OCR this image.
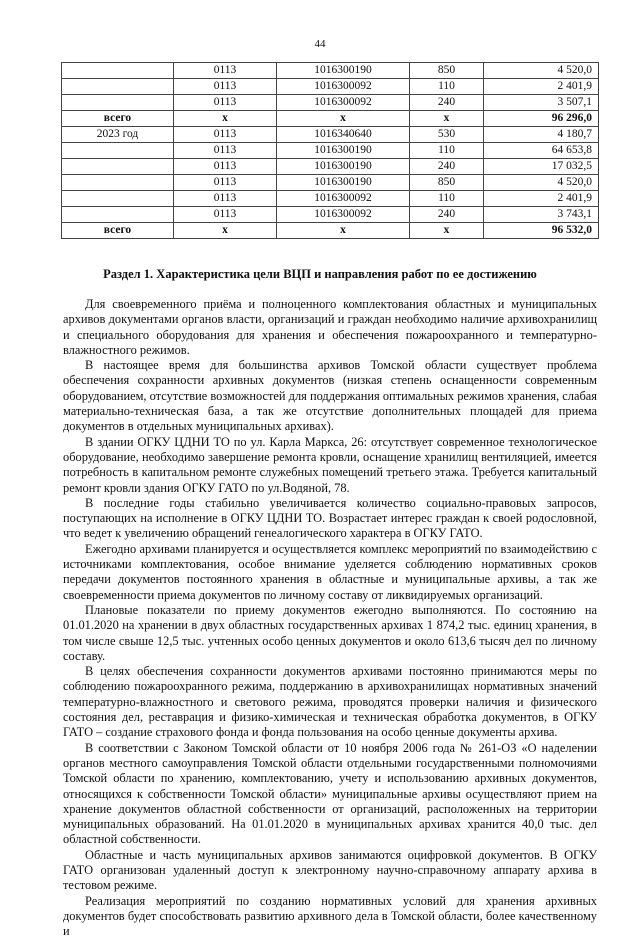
44
	0113	1016300190	850	4 520,0
	0113	1016300092	110	2 401,9
	0113	1016300092	240	3 507,1
всего	х	х	х	96 296,0
2023 год	0113	1016340640	530	4 180,7
	0113	1016300190	110	64 653,8
	0113	1016300190	240	17 032,5
	0113	1016300190	850	4 520,0
	0113	1016300092	110	2 401,9
	0113	1016300092	240	3 743,1
всего	х	х	х	96 532,0
Раздел 1. Характеристика цели ВЦП и направления работ по ее достижению

Для своевременного приёма и полноценного комплектования областных и муниципальных архивов документами органов власти, организаций и граждан необходимо наличие архивохранилищ и специального оборудования для хранения и обеспечения пожароохранного и температурно-влажностного режимов.

В настоящее время для большинства архивов Томской области существует проблема обеспечения сохранности архивных документов (низкая степень оснащенности современным оборудованием, отсутствие возможностей для поддержания оптимальных режимов хранения, слабая материально-техническая база, а так же отсутствие дополнительных площадей для приема документов в отдельных муниципальных архивах).

В здании ОГКУ ЦДНИ ТО по ул. Карла Маркса, 26: отсутствует современное технологическое оборудование, необходимо завершение ремонта кровли, оснащение хранилищ вентиляцией, имеется потребность в капитальном ремонте служебных помещений третьего этажа. Требуется капитальный ремонт кровли здания ОГКУ ГАТО по ул.Водяной, 78.

В последние годы стабильно увеличивается количество социально-правовых запросов, поступающих на исполнение в ОГКУ ЦДНИ ТО. Возрастает интерес граждан к своей родословной, что ведет к увеличению обращений генеалогического характера в ОГКУ ГАТО.

Ежегодно архивами планируется и осуществляется комплекс мероприятий по взаимодействию с источниками комплектования, особое внимание уделяется соблюдению нормативных сроков передачи документов постоянного хранения в областные и муниципальные архивы, а так же своевременности приема документов по личному составу от ликвидируемых организаций.

Плановые показатели по приему документов ежегодно выполняются. По состоянию на 01.01.2020 на хранении в двух областных государственных архивах 1 874,2 тыс. единиц хранения, в том числе свыше 12,5 тыс. учтенных особо ценных документов и около 613,6 тысяч дел по личному составу.

В целях обеспечения сохранности документов архивами постоянно принимаются меры по соблюдению пожароохранного режима, поддержанию в архивохранилищах нормативных значений температурно-влажностного и светового режима, проводятся проверки наличия и физического состояния дел, реставрация и физико-химическая и техническая обработка документов, в ОГКУ ГАТО – создание страхового фонда и фонда пользования на особо ценные документы архива.

В соответствии с Законом Томской области от 10 ноября 2006 года № 261-ОЗ «О наделении органов местного самоуправления Томской области отдельными государственными полномочиями Томской области по хранению, комплектованию, учету и использованию архивных документов, относящихся к собственности Томской области» муниципальные архивы осуществляют прием на хранение документов областной собственности от организаций, расположенных на территории муниципальных образований. На 01.01.2020 в муниципальных архивах хранится 40,0 тыс. дел областной собственности.

Областные и часть муниципальных архивов занимаются оцифровкой документов. В ОГКУ ГАТО организован удаленный доступ к электронному научно-справочному аппарату архива в тестовом режиме.

Реализация мероприятий по созданию нормативных условий для хранения архивных документов будет способствовать развитию архивного дела в Томской области, более качественному и
